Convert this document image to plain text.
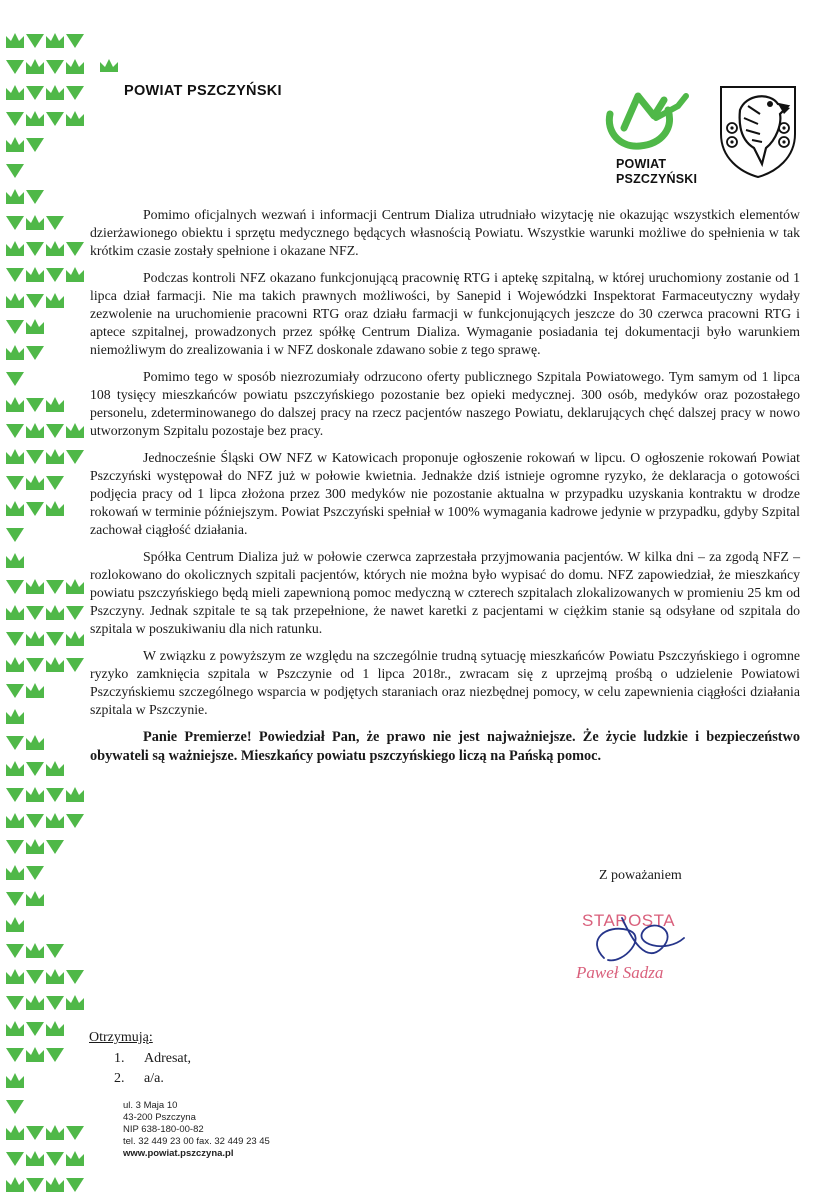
POWIAT PSZCZYŃSKI
POWIAT
PSZCZYŃSKI

Pomimo oficjalnych wezwań i informacji Centrum Dializa utrudniało wizytację nie okazując wszystkich elementów dzierżawionego obiektu i sprzętu medycznego będących własnością Powiatu. Wszystkie warunki możliwe do spełnienia w tak krótkim czasie zostały spełnione i okazane NFZ.

Podczas kontroli NFZ okazano funkcjonującą pracownię RTG i aptekę szpitalną, w której uruchomiony zostanie od 1 lipca dział farmacji. Nie ma takich prawnych możliwości, by Sanepid i Wojewódzki Inspektorat Farmaceutyczny wydały zezwolenie na uruchomienie pracowni RTG oraz działu farmacji w funkcjonujących jeszcze do 30 czerwca pracowni RTG i aptece szpitalnej, prowadzonych przez spółkę Centrum Dializa. Wymaganie posiadania tej dokumentacji było warunkiem niemożliwym do zrealizowania i w NFZ doskonale zdawano sobie z tego sprawę.

Pomimo tego w sposób niezrozumiały odrzucono oferty publicznego Szpitala Powiatowego. Tym samym od 1 lipca 108 tysięcy mieszkańców powiatu pszczyńskiego pozostanie bez opieki medycznej. 300 osób, medyków oraz pozostałego personelu, zdeterminowanego do dalszej pracy na rzecz pacjentów naszego Powiatu, deklarujących chęć dalszej pracy w nowo utworzonym Szpitalu pozostaje bez pracy.

Jednocześnie Śląski OW NFZ w Katowicach proponuje ogłoszenie rokowań w lipcu. O ogłoszenie rokowań Powiat Pszczyński występował do NFZ już w połowie kwietnia. Jednakże dziś istnieje ogromne ryzyko, że deklaracja o gotowości podjęcia pracy od 1 lipca złożona przez 300 medyków nie pozostanie aktualna w przypadku uzyskania kontraktu w drodze rokowań w terminie późniejszym. Powiat Pszczyński spełniał w 100% wymagania kadrowe jedynie w przypadku, gdyby Szpital zachował ciągłość działania.

Spółka Centrum Dializa już w połowie czerwca zaprzestała przyjmowania pacjentów. W kilka dni – za zgodą NFZ – rozlokowano do okolicznych szpitali pacjentów, których nie można było wypisać do domu. NFZ zapowiedział, że mieszkańcy powiatu pszczyńskiego będą mieli zapewnioną pomoc medyczną w czterech szpitalach zlokalizowanych w promieniu 25 km od Pszczyny. Jednak szpitale te są tak przepełnione, że nawet karetki z pacjentami w ciężkim stanie są odsyłane od szpitala do szpitala w poszukiwaniu dla nich ratunku.

W związku z powyższym ze względu na szczególnie trudną sytuację mieszkańców Powiatu Pszczyńskiego i ogromne ryzyko zamknięcia szpitala w Pszczynie od 1 lipca 2018r., zwracam się z uprzejmą prośbą o udzielenie Powiatowi Pszczyńskiemu szczególnego wsparcia w podjętych staraniach oraz niezbędnej pomocy, w celu zapewnienia ciągłości działania szpitala w Pszczynie.

Panie Premierze! Powiedział Pan, że prawo nie jest najważniejsze. Że życie ludzkie i bezpieczeństwo obywateli są ważniejsze. Mieszkańcy powiatu pszczyńskiego liczą na Pańską pomoc.

Z poważaniem
STAROSTA
Paweł Sadza
Otrzymują:
1. Adresat,
2. a/a.
ul. 3 Maja 10
43-200 Pszczyna
NIP 638-180-00-82
tel. 32 449 23 00 fax. 32 449 23 45
www.powiat.pszczyna.pl
